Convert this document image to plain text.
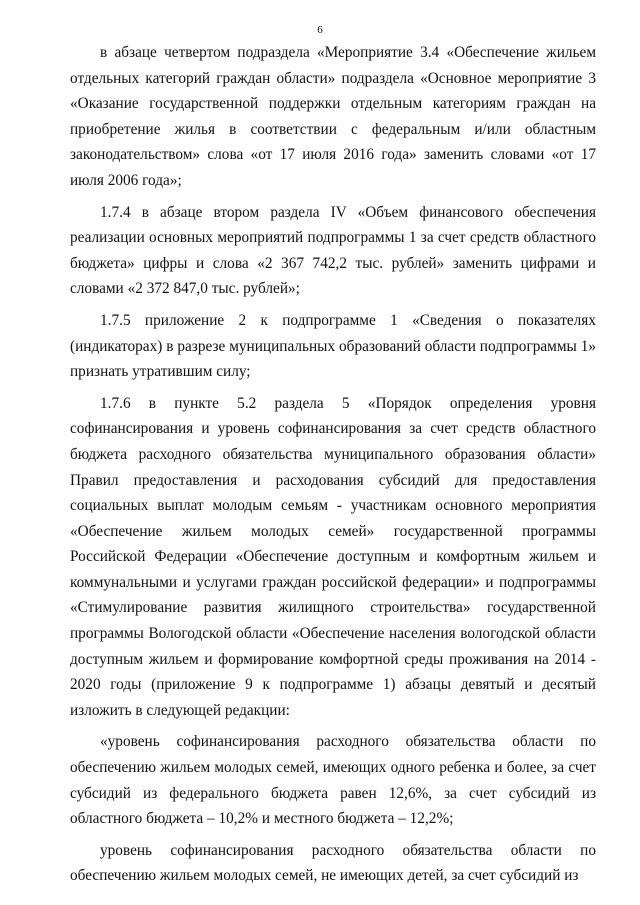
6

в абзаце четвертом подраздела «Мероприятие 3.4 «Обеспечение жильем отдельных категорий граждан области» подраздела «Основное мероприятие 3 «Оказание государственной поддержки отдельным категориям граждан на приобретение жилья в соответствии с федеральным и/или областным законодательством» слова «от 17 июля 2016 года» заменить словами «от 17 июля 2006 года»;

1.7.4 в абзаце втором раздела IV «Объем финансового обеспечения реализации основных мероприятий подпрограммы 1 за счет средств областного бюджета» цифры и слова «2 367 742,2 тыс. рублей» заменить цифрами и словами «2 372 847,0 тыс. рублей»;

1.7.5 приложение 2 к подпрограмме 1 «Сведения о показателях (индикаторах) в разрезе муниципальных образований области подпрограммы 1» признать утратившим силу;

1.7.6 в пункте 5.2 раздела 5 «Порядок определения уровня софинансирования и уровень софинансирования за счет средств областного бюджета расходного обязательства муниципального образования области» Правил предоставления и расходования субсидий для предоставления социальных выплат молодым семьям - участникам основного мероприятия «Обеспечение жильем молодых семей» государственной программы Российской Федерации «Обеспечение доступным и комфортным жильем и коммунальными и услугами граждан российской федерации» и подпрограммы «Стимулирование развития жилищного строительства» государственной программы Вологодской области «Обеспечение населения вологодской области доступным жильем и формирование комфортной среды проживания на 2014 - 2020 годы (приложение 9 к подпрограмме 1) абзацы девятый и десятый изложить в следующей редакции:

«уровень софинансирования расходного обязательства области по обеспечению жильем молодых семей, имеющих одного ребенка и более, за счет субсидий из федерального бюджета равен 12,6%, за счет субсидий из областного бюджета – 10,2% и местного бюджета – 12,2%;

уровень софинансирования расходного обязательства области по обеспечению жильем молодых семей, не имеющих детей, за счет субсидий из
